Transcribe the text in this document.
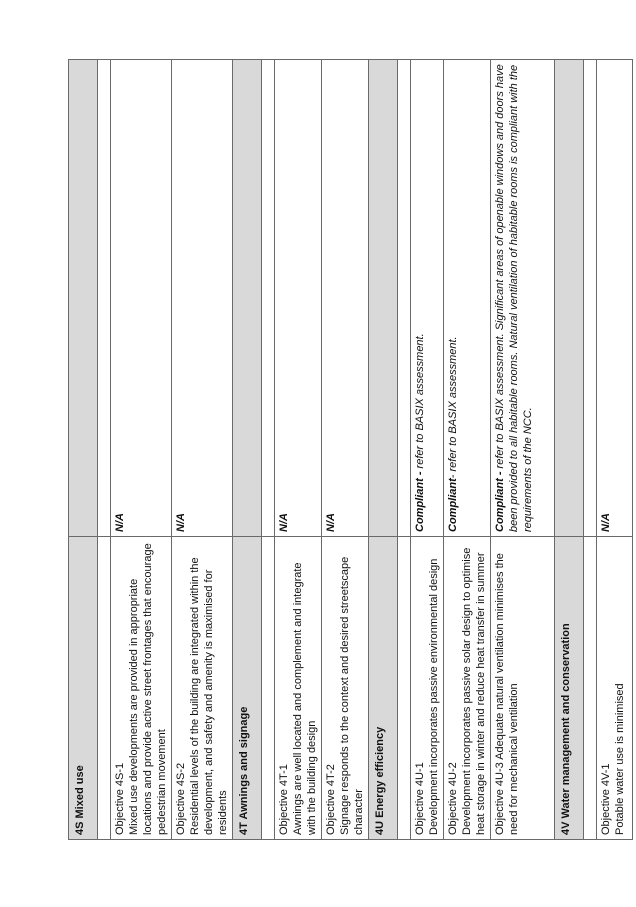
4S Mixed use	

Objective 4S-1 Mixed use developments are provided in appropriate locations and provide active street frontages that encourage pedestrian movement	N/A

Objective 4S-2 Residential levels of the building are integrated within the development, and safety and amenity is maximised for residents	N/A
4T Awnings and signage	

Objective 4T-1 Awnings are well located and complement and integrate with the building design	N/A

Objective 4T-2 Signage responds to the context and desired streetscape character	N/A
4U Energy efficiency	

Objective 4U-1 Development incorporates passive environmental design	Compliant - refer to BASIX assessment.

Objective 4U-2 Development incorporates passive solar design to optimise heat storage in winter and reduce heat transfer in summer	Compliant- refer to BASIX assessment.
Objective 4U-3 Adequate natural ventilation minimises the need for mechanical ventilation	Compliant - refer to BASIX assessment. Significant areas of openable windows and doors have been provided to all habitable rooms. Natural ventilation of habitable rooms is compliant with the requirements of the NCC.
4V Water management and conservation	

Objective 4V-1 Potable water use is minimised	N/A
